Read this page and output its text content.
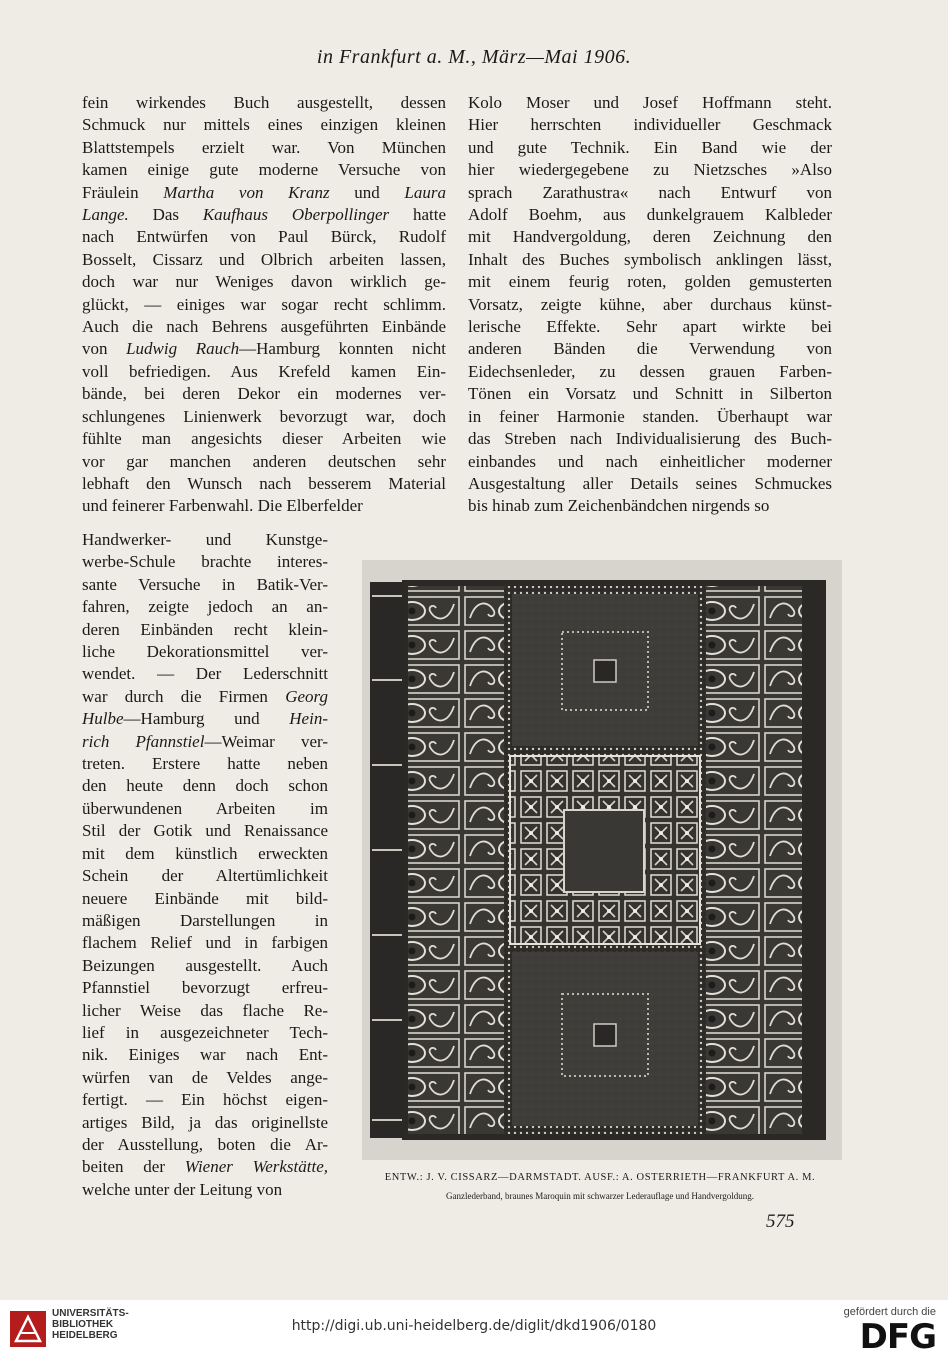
in Frankfurt a. M., März—Mai 1906.

fein wirkendes Buch ausgestellt, dessen

Schmuck nur mittels eines einzigen kleinen

Blattstempels erzielt war. Von München

kamen einige gute moderne Versuche von

Fräulein Martha von Kranz und Laura

Lange. Das Kaufhaus Oberpollinger hatte

nach Entwürfen von Paul Bürck, Rudolf

Bosselt, Cissarz und Olbrich arbeiten lassen,

doch war nur Weniges davon wirklich ge-

glückt, — einiges war sogar recht schlimm.

Auch die nach Behrens ausgeführten Einbände

von Ludwig Rauch—Hamburg konnten nicht

voll befriedigen. Aus Krefeld kamen Ein-

bände, bei deren Dekor ein modernes ver-

schlungenes Linienwerk bevorzugt war, doch

fühlte man angesichts dieser Arbeiten wie

vor gar manchen anderen deutschen sehr

lebhaft den Wunsch nach besserem Material

und feinerer Farbenwahl. Die Elberfelder

Kolo Moser und Josef Hoffmann steht.

Hier herrschten individueller Geschmack

und gute Technik. Ein Band wie der

hier wiedergegebene zu Nietzsches »Also

sprach Zarathustra« nach Entwurf von

Adolf Boehm, aus dunkelgrauem Kalbleder

mit Handvergoldung, deren Zeichnung den

Inhalt des Buches symbolisch anklingen lässt,

mit einem feurig roten, golden gemusterten

Vorsatz, zeigte kühne, aber durchaus künst-

lerische Effekte. Sehr apart wirkte bei

anderen Bänden die Verwendung von

Eidechsenleder, zu dessen grauen Farben-

Tönen ein Vorsatz und Schnitt in Silberton

in feiner Harmonie standen. Überhaupt war

das Streben nach Individualisierung des Buch-

einbandes und nach einheitlicher moderner

Ausgestaltung aller Details seines Schmuckes

bis hinab zum Zeichenbändchen nirgends so

Handwerker- und Kunstge-

werbe-Schule brachte interes-

sante Versuche in Batik-Ver-

fahren, zeigte jedoch an an-

deren Einbänden recht klein-

liche Dekorationsmittel ver-

wendet. — Der Lederschnitt

war durch die Firmen Georg

Hulbe—Hamburg und Hein-

rich Pfannstiel—Weimar ver-

treten. Erstere hatte neben

den heute denn doch schon

überwundenen Arbeiten im

Stil der Gotik und Renaissance

mit dem künstlich erweckten

Schein der Altertümlichkeit

neuere Einbände mit bild-

mäßigen Darstellungen in

flachem Relief und in farbigen

Beizungen ausgestellt. Auch

Pfannstiel bevorzugt erfreu-

licher Weise das flache Re-

lief in ausgezeichneter Tech-

nik. Einiges war nach Ent-

würfen van de Veldes ange-

fertigt. — Ein höchst eigen-

artiges Bild, ja das originellste

der Ausstellung, boten die Ar-

beiten der Wiener Werkstätte,

welche unter der Leitung von

ENTW.: J. V. CISSARZ—DARMSTADT. AUSF.: A. OSTERRIETH—FRANKFURT A. M.
Ganzlederband, braunes Maroquin mit schwarzer Lederauflage und Handvergoldung.
575
UNIVERSITÄTS-
BIBLIOTHEK
HEIDELBERG
http://digi.ub.uni-heidelberg.de/diglit/dkd1906/0180
gefördert durch die
DFG
